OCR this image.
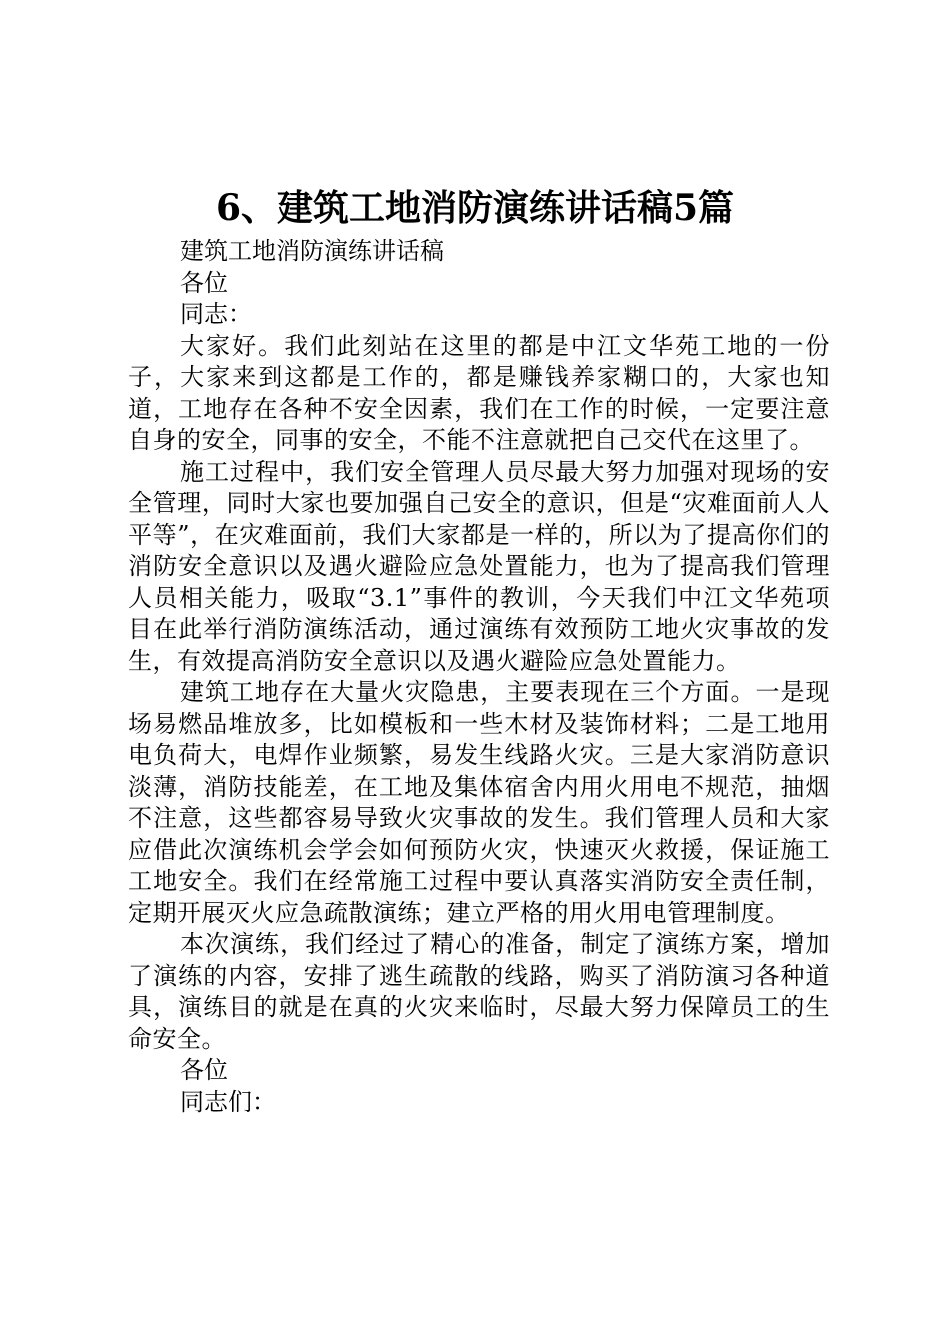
6、建筑工地消防演练讲话稿5篇

建筑工地消防演练讲话稿

各位

同志：

大家好。我们此刻站在这里的都是中江文华苑工地的一份子，大家来到这都是工作的，都是赚钱养家糊口的，大家也知道，工地存在各种不安全因素，我们在工作的时候，一定要注意自身的安全，同事的安全，不能不注意就把自己交代在这里了。

施工过程中，我们安全管理人员尽最大努力加强对现场的安全管理，同时大家也要加强自己安全的意识，但是“灾难面前人人平等”，在灾难面前，我们大家都是一样的，所以为了提高你们的消防安全意识以及遇火避险应急处置能力，也为了提高我们管理人员相关能力，吸取“3.1”事件的教训，今天我们中江文华苑项目在此举行消防演练活动，通过演练有效预防工地火灾事故的发生，有效提高消防安全意识以及遇火避险应急处置能力。

建筑工地存在大量火灾隐患，主要表现在三个方面。一是现场易燃品堆放多，比如模板和一些木材及装饰材料；二是工地用电负荷大，电焊作业频繁，易发生线路火灾。三是大家消防意识淡薄，消防技能差，在工地及集体宿舍内用火用电不规范，抽烟不注意，这些都容易导致火灾事故的发生。我们管理人员和大家应借此次演练机会学会如何预防火灾，快速灭火救援，保证施工工地安全。我们在经常施工过程中要认真落实消防安全责任制，定期开展灭火应急疏散演练；建立严格的用火用电管理制度。

本次演练，我们经过了精心的准备，制定了演练方案，增加了演练的内容，安排了逃生疏散的线路，购买了消防演习各种道具，演练目的就是在真的火灾来临时，尽最大努力保障员工的生命安全。

各位

同志们：
